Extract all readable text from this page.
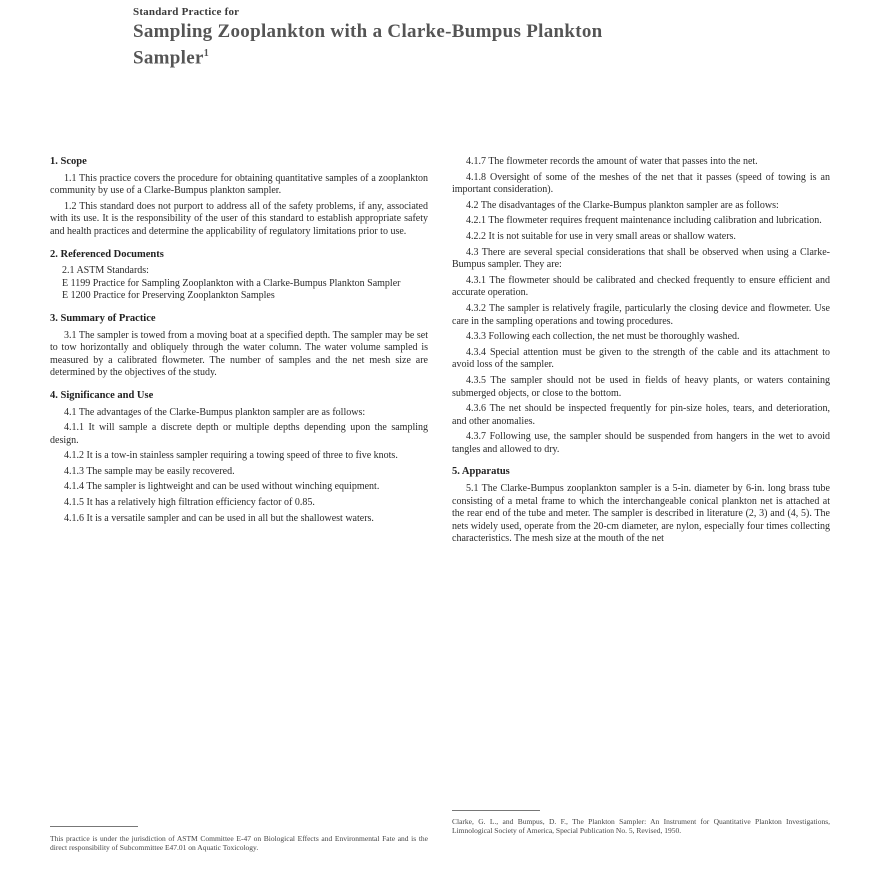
Standard Practice for

Sampling Zooplankton with a Clarke-Bumpus Plankton
Sampler$^1$
1. Scope

1.1 This practice covers the procedure for obtaining quantitative samples of a zooplankton community by use of a Clarke-Bumpus plankton sampler.

1.2 This standard does not purport to address all of the safety problems, if any, associated with its use. It is the responsibility of the user of this standard to establish appropriate safety and health practices and determine the applicability of regulatory limitations prior to use.

2. Referenced Documents
2.1 ASTM Standards:
E 1199 Practice for Sampling Zooplankton with a Clarke-Bumpus Plankton Sampler
E 1200 Practice for Preserving Zooplankton Samples
3. Summary of Practice

3.1 The sampler is towed from a moving boat at a specified depth. The sampler may be set to tow horizontally and obliquely through the water column. The water volume sampled is measured by a calibrated flowmeter. The number of samples and the net mesh size are determined by the objectives of the study.

4. Significance and Use

4.1 The advantages of the Clarke-Bumpus plankton sampler are as follows:

4.1.1 It will sample a discrete depth or multiple depths depending upon the sampling design.

4.1.2 It is a tow-in stainless sampler requiring a towing speed of three to five knots.

4.1.3 The sample may be easily recovered.

4.1.4 The sampler is lightweight and can be used without winching equipment.

4.1.5 It has a relatively high filtration efficiency factor of 0.85.

4.1.6 It is a versatile sampler and can be used in all but the shallowest waters.

4.1.7 The flowmeter records the amount of water that passes into the net.

4.1.8 Oversight of some of the meshes of the net that it passes (speed of towing is an important consideration).

4.2 The disadvantages of the Clarke-Bumpus plankton sampler are as follows:

4.2.1 The flowmeter requires frequent maintenance including calibration and lubrication.

4.2.2 It is not suitable for use in very small areas or shallow waters.

4.3 There are several special considerations that shall be observed when using a Clarke-Bumpus sampler. They are:

4.3.1 The flowmeter should be calibrated and checked frequently to ensure efficient and accurate operation.

4.3.2 The sampler is relatively fragile, particularly the closing device and flowmeter. Use care in the sampling operations and towing procedures.

4.3.3 Following each collection, the net must be thoroughly washed.

4.3.4 Special attention must be given to the strength of the cable and its attachment to avoid loss of the sampler.

4.3.5 The sampler should not be used in fields of heavy plants, or waters containing submerged objects, or close to the bottom.

4.3.6 The net should be inspected frequently for pin-size holes, tears, and deterioration, and other anomalies.

4.3.7 Following use, the sampler should be suspended from hangers in the wet to avoid tangles and allowed to dry.

5. Apparatus

5.1 The Clarke-Bumpus zooplankton sampler is a 5-in. diameter by 6-in. long brass tube consisting of a metal frame to which the interchangeable conical plankton net is attached at the rear end of the tube and meter. The sampler is described in literature (2, 3) and (4, 5). The nets widely used, operate from the 20-cm diameter, are nylon, especially four times collecting characteristics. The mesh size at the mouth of the net

This practice is under the jurisdiction of ASTM Committee E-47 on Biological Effects and Environmental Fate and is the direct responsibility of Subcommittee E47.01 on Aquatic Toxicology.
Clarke, G. L., and Bumpus, D. F., The Plankton Sampler: An Instrument for Quantitative Plankton Investigations, Limnological Society of America, Special Publication No. 5, Revised, 1950.
